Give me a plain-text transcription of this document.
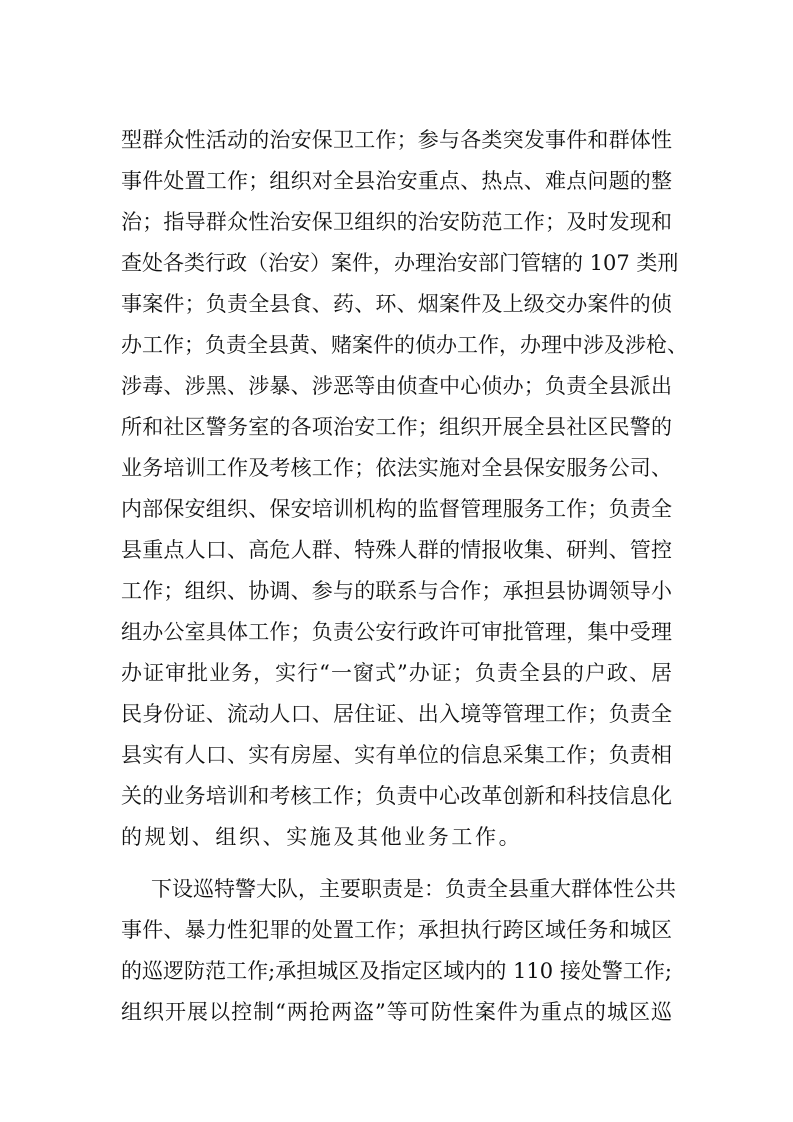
型群众性活动的治安保卫工作；参与各类突发事件和群体性
事件处置工作；组织对全县治安重点、热点、难点问题的整
治；指导群众性治安保卫组织的治安防范工作；及时发现和
查处各类行政（治安）案件，办理治安部门管辖的 107 类刑
事案件；负责全县食、药、环、烟案件及上级交办案件的侦
办工作；负责全县黄、赌案件的侦办工作，办理中涉及涉枪、
涉毒、涉黑、涉暴、涉恶等由侦查中心侦办；负责全县派出
所和社区警务室的各项治安工作；组织开展全县社区民警的
业务培训工作及考核工作；依法实施对全县保安服务公司、
内部保安组织、保安培训机构的监督管理服务工作；负责全
县重点人口、高危人群、特殊人群的情报收集、研判、管控
工作；组织、协调、参与的联系与合作；承担县协调领导小
组办公室具体工作；负责公安行政许可审批管理，集中受理
办证审批业务，实行“一窗式”办证；负责全县的户政、居
民身份证、流动人口、居住证、出入境等管理工作；负责全
县实有人口、实有房屋、实有单位的信息采集工作；负责相
关的业务培训和考核工作；负责中心改革创新和科技信息化
的规划、组织、实施及其他业务工作。
下设巡特警大队，主要职责是：负责全县重大群体性公共
事件、暴力性犯罪的处置工作；承担执行跨区域任务和城区
的巡逻防范工作;承担城区及指定区域内的 110 接处警工作;
组织开展以控制“两抢两盗”等可防性案件为重点的城区巡
